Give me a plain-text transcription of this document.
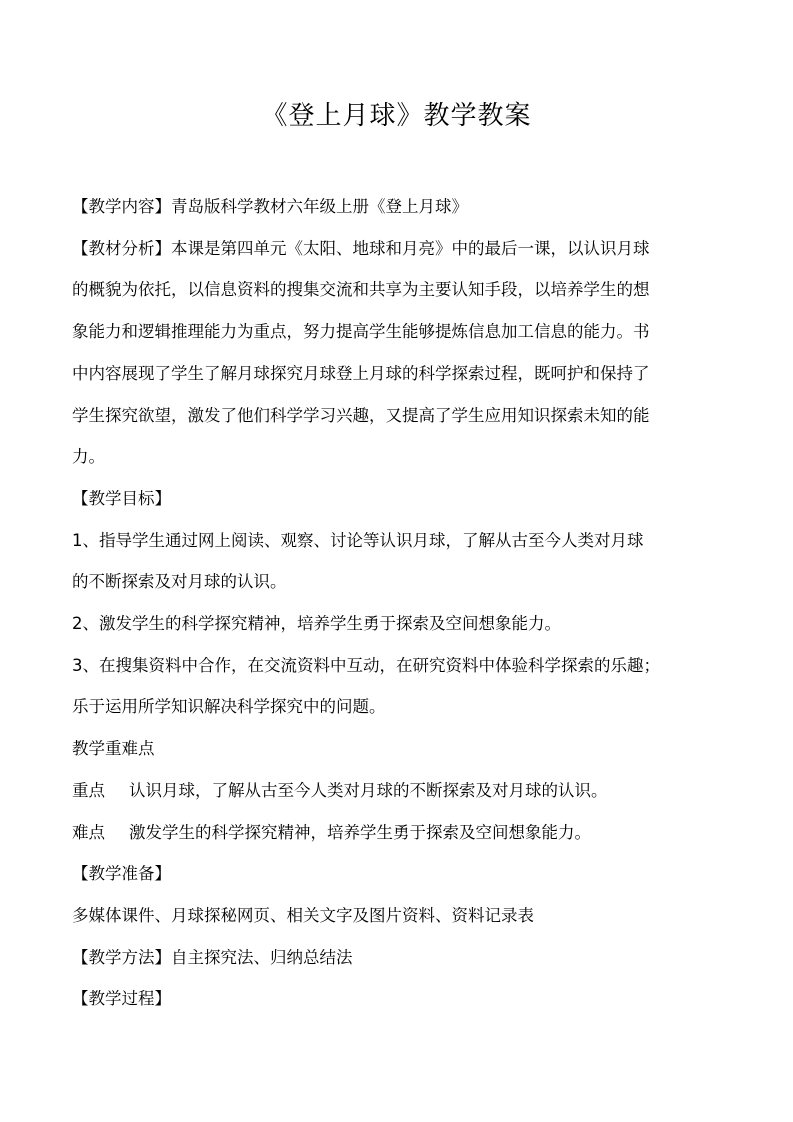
《登上月球》教学教案

【教学内容】青岛版科学教材六年级上册《登上月球》

【教材分析】本课是第四单元《太阳、地球和月亮》中的最后一课，以认识月球
的概貌为依托，以信息资料的搜集交流和共享为主要认知手段，以培养学生的想
象能力和逻辑推理能力为重点，努力提高学生能够提炼信息加工信息的能力。书
中内容展现了学生了解月球探究月球登上月球的科学探索过程，既呵护和保持了
学生探究欲望，激发了他们科学学习兴趣，又提高了学生应用知识探索未知的能
力。

【教学目标】

1、指导学生通过网上阅读、观察、讨论等认识月球，了解从古至今人类对月球
的不断探索及对月球的认识。

2、激发学生的科学探究精神，培养学生勇于探索及空间想象能力。

3、在搜集资料中合作，在交流资料中互动，在研究资料中体验科学探索的乐趣；
乐于运用所学知识解决科学探究中的问题。

教学重难点

重点 认识月球，了解从古至今人类对月球的不断探索及对月球的认识。

难点 激发学生的科学探究精神，培养学生勇于探索及空间想象能力。

【教学准备】

多媒体课件、月球探秘网页、相关文字及图片资料、资料记录表

【教学方法】自主探究法、归纳总结法

【教学过程】
